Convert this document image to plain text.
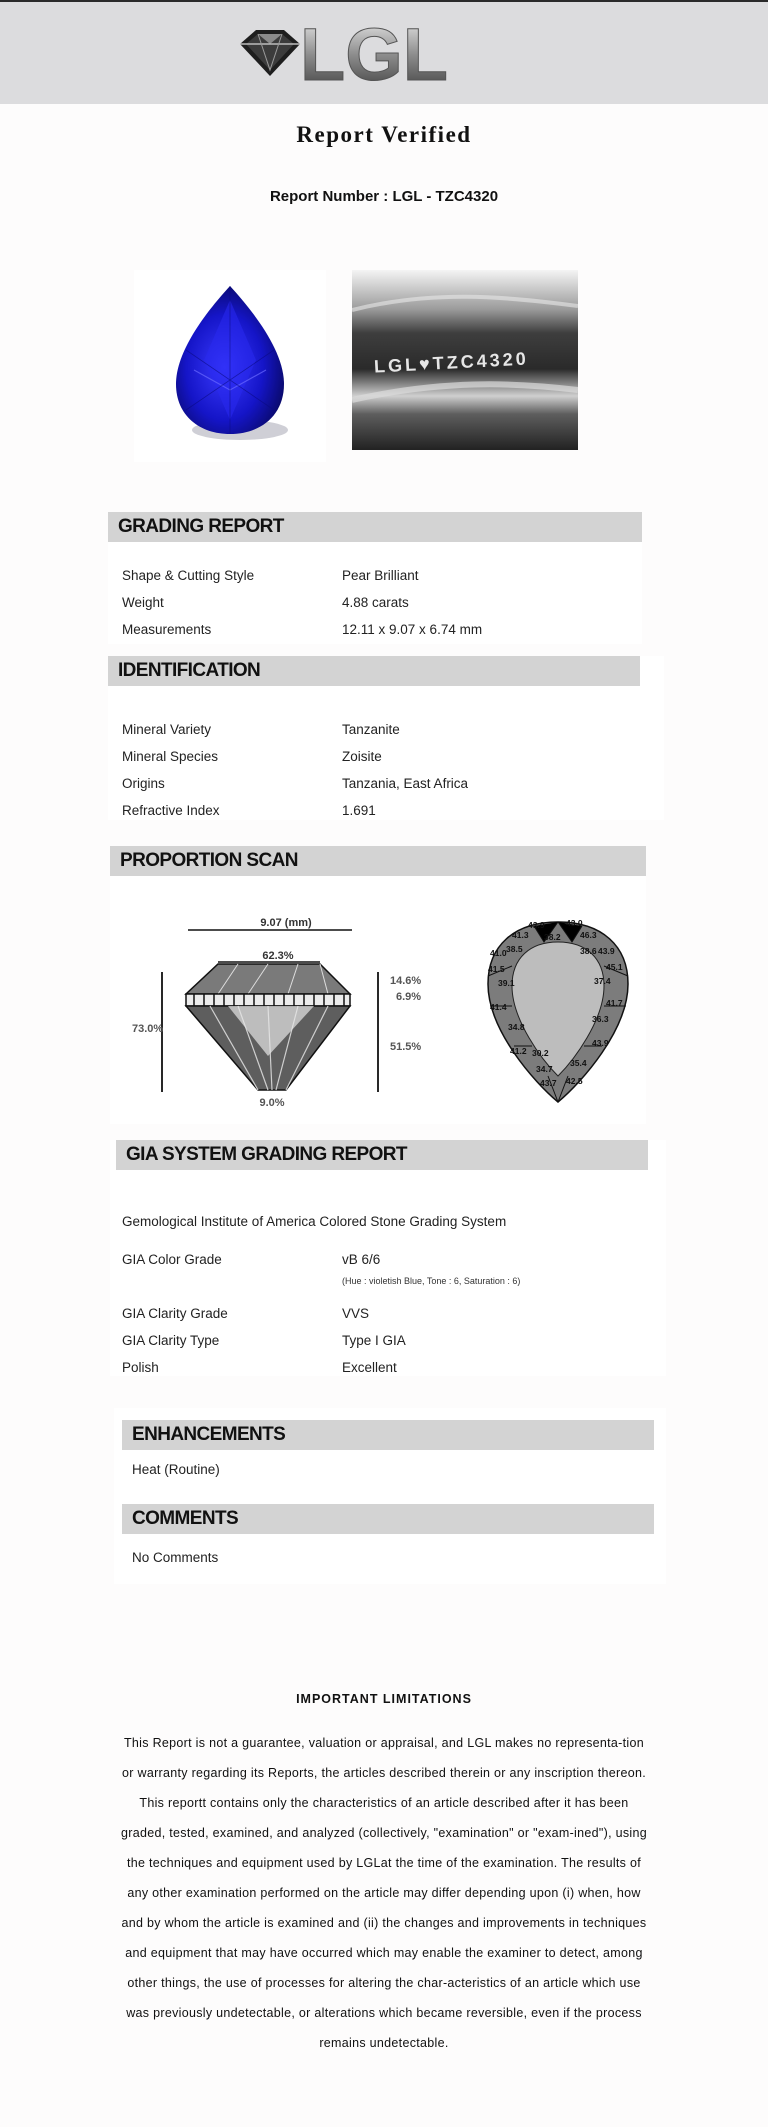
LGL
Report Verified
Report Number : LGL - TZC4320
LGL♥TZC4320
GRADING REPORT
Shape & Cutting Style	Pear Brilliant
Weight	4.88 carats
Measurements	12.11 x 9.07 x 6.74 mm
IDENTIFICATION
Mineral Variety	Tanzanite
Mineral Species	Zoisite
Origins	Tanzania, East Africa
Refractive Index	1.691
PROPORTION SCAN
9.07 (mm)
62.3%
73.0%
14.6%
6.9%
51.5%
9.0%
43.9	43.0
41.3 38.2 46.3
38.5	38.6 43.9
41.0
45.1
41.5
39.1	37.4
41.4	41.7
36.3
34.8
41.2 30.2
43.9
34.7
35.4
43.7 42.5
GIA SYSTEM GRADING REPORT
Gemological Institute of America Colored Stone Grading System
GIA Color Grade	vB 6/6
(Hue : violetish Blue, Tone : 6, Saturation : 6)
GIA Clarity Grade	VVS
GIA Clarity Type	Type I GIA
Polish	Excellent
ENHANCEMENTS
Heat (Routine)
COMMENTS
No Comments
IMPORTANT LIMITATIONS
This Report is not a guarantee, valuation or appraisal, and LGL makes no representa-tion or warranty regarding its Reports, the articles described therein or any inscription thereon. This reportt contains only the characteristics of an article described after it has been graded, tested, examined, and analyzed (collectively, "examination" or "exam-ined"), using the techniques and equipment used by LGLat the time of the examination. The results of any other examination performed on the article may differ depending upon (i) when, how and by whom the article is examined and (ii) the changes and improvements in techniques and equipment that may have occurred which may enable the examiner to detect, among other things, the use of processes for altering the char-acteristics of an article which use was previously undetectable, or alterations which became reversible, even if the process remains undetectable.
